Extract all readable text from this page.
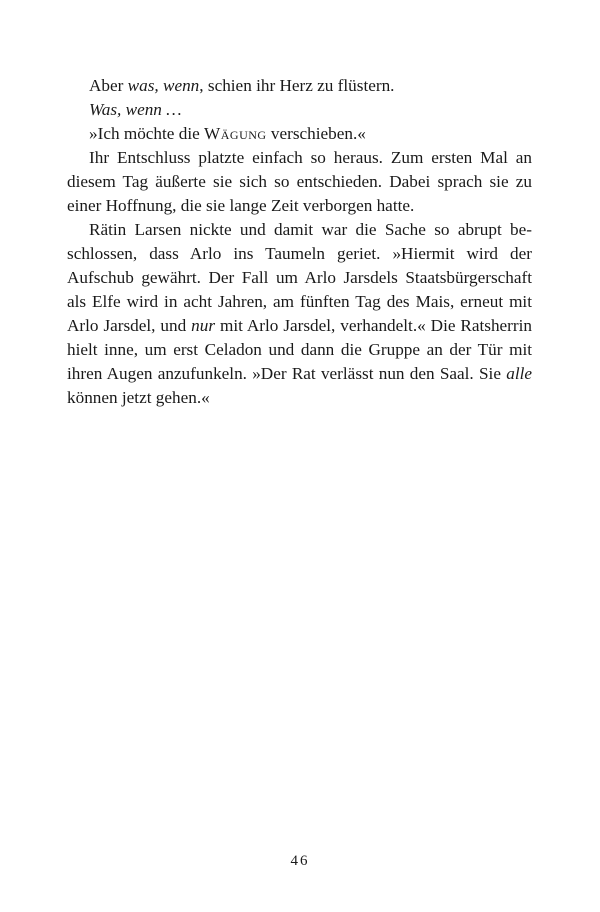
Aber was, wenn, schien ihr Herz zu flüstern.

Was, wenn …

»Ich möchte die Wägung verschieben.«

Ihr Entschluss platzte einfach so heraus. Zum ersten Mal an diesem Tag äußerte sie sich so entschieden. Dabei sprach sie zu einer Hoffnung, die sie lange Zeit verborgen hatte.

Rätin Larsen nickte und damit war die Sache so abrupt beschlossen, dass Arlo ins Taumeln geriet. »Hiermit wird der Aufschub gewährt. Der Fall um Arlo Jarsdels Staatsbürgerschaft als Elfe wird in acht Jahren, am fünften Tag des Mais, erneut mit Arlo Jarsdel, und nur mit Arlo Jarsdel, verhandelt.« Die Ratsherrin hielt inne, um erst Celadon und dann die Gruppe an der Tür mit ihren Augen anzufunkeln. »Der Rat verlässt nun den Saal. Sie alle können jetzt gehen.«

46
